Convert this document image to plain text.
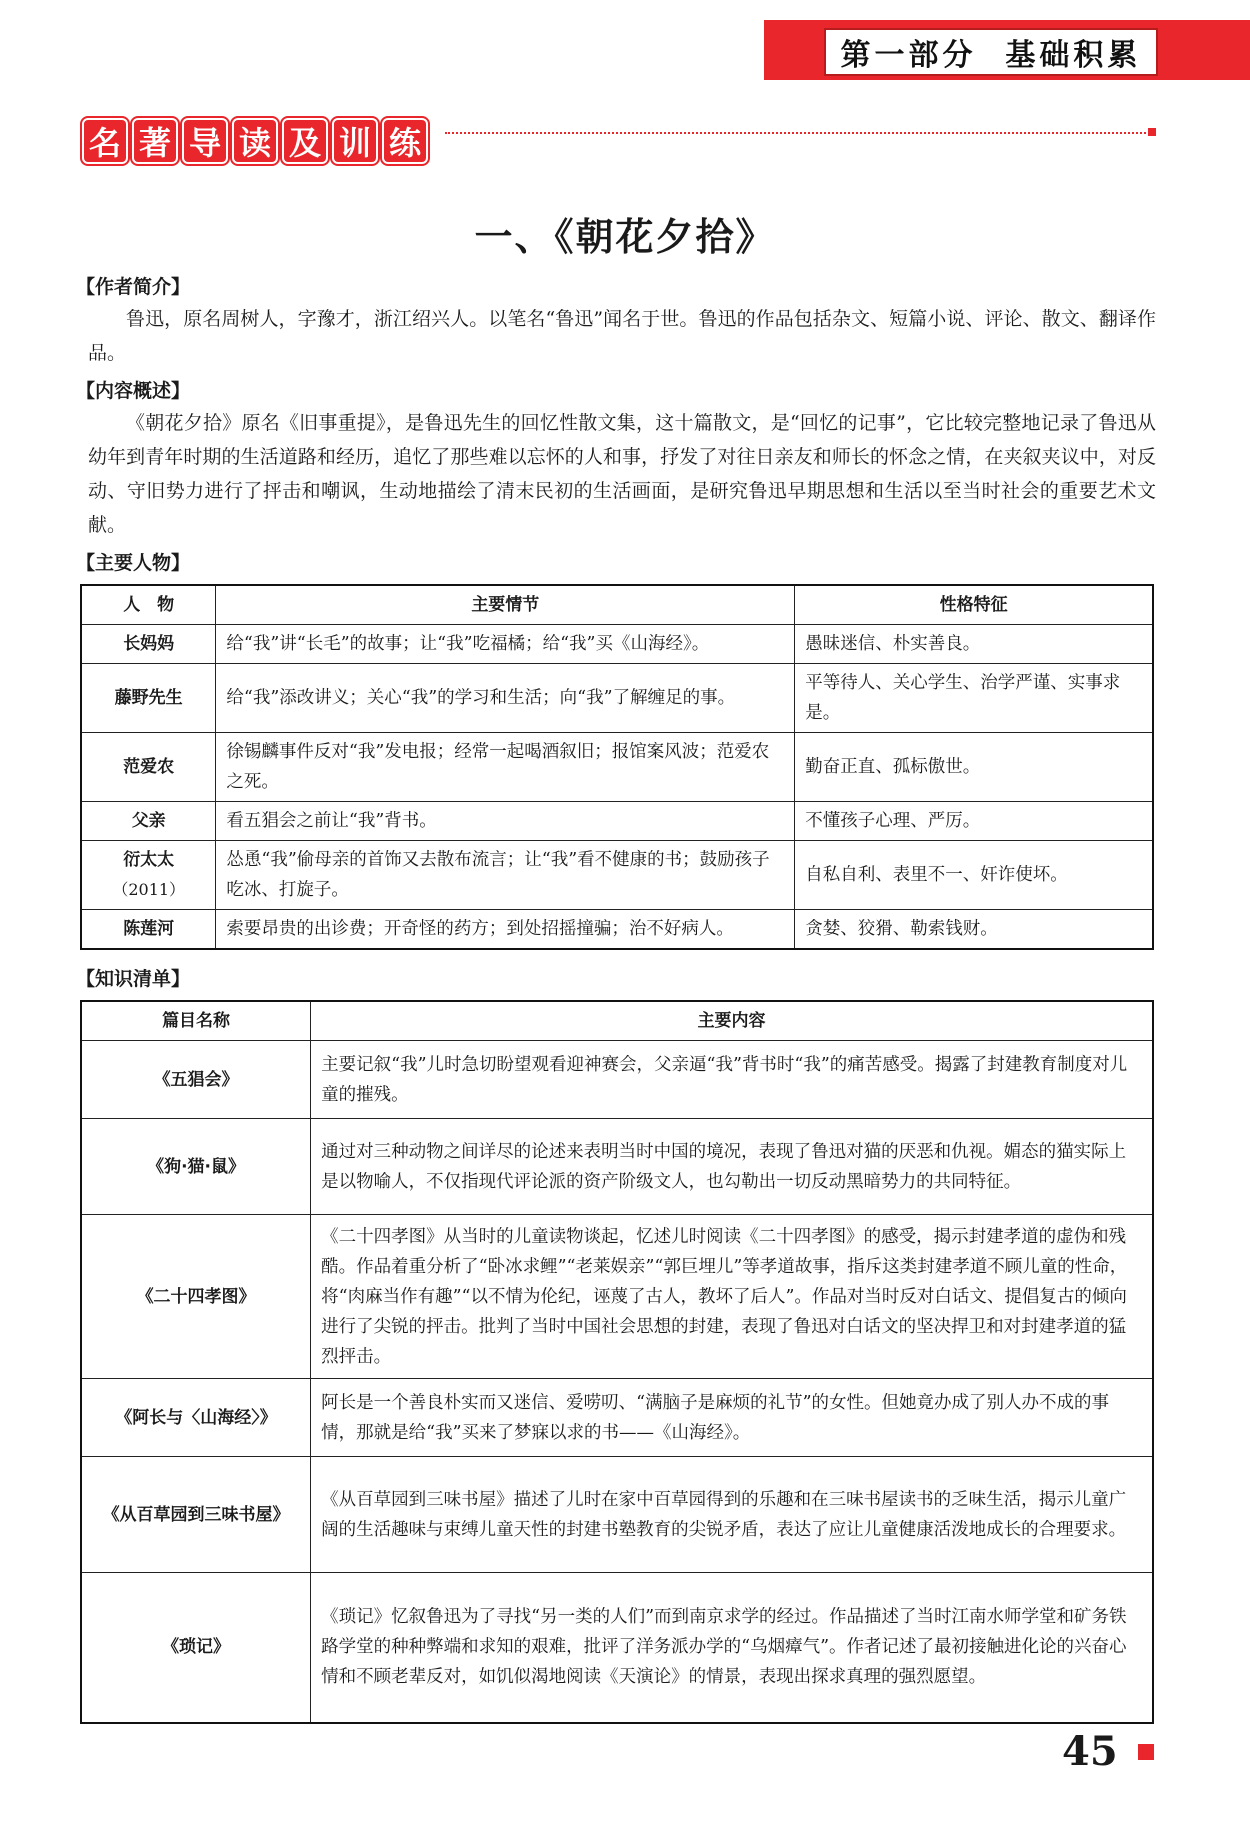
第一部分  基础积累
名 著 导 读 及 训 练
一、《朝花夕拾》
【作者简介】
鲁迅，原名周树人，字豫才，浙江绍兴人。以笔名“鲁迅”闻名于世。鲁迅的作品包括杂文、短篇小说、评论、散文、翻译作品。
【内容概述】
《朝花夕拾》原名《旧事重提》，是鲁迅先生的回忆性散文集，这十篇散文，是“回忆的记事”，它比较完整地记录了鲁迅从幼年到青年时期的生活道路和经历，追忆了那些难以忘怀的人和事，抒发了对往日亲友和师长的怀念之情，在夹叙夹议中，对反动、守旧势力进行了抨击和嘲讽，生动地描绘了清末民初的生活画面，是研究鲁迅早期思想和生活以至当时社会的重要艺术文献。
【主要人物】
人　物	主要情节	性格特征
长妈妈	给“我”讲“长毛”的故事；让“我”吃福橘；给“我”买《山海经》。	愚昧迷信、朴实善良。
藤野先生	给“我”添改讲义；关心“我”的学习和生活；向“我”了解缠足的事。	平等待人、关心学生、治学严谨、实事求是。
范爱农	徐锡麟事件反对“我”发电报；经常一起喝酒叙旧；报馆案风波；范爱农之死。	勤奋正直、孤标傲世。
父亲	看五猖会之前让“我”背书。	不懂孩子心理、严厉。
衍太太
（2011）	怂恿“我”偷母亲的首饰又去散布流言；让“我”看不健康的书；鼓励孩子吃冰、打旋子。	自私自利、表里不一、奸诈使坏。
陈莲河	索要昂贵的出诊费；开奇怪的药方；到处招摇撞骗；治不好病人。	贪婪、狡猾、勒索钱财。
【知识清单】
篇目名称	主要内容
《五猖会》	主要记叙“我”儿时急切盼望观看迎神赛会，父亲逼“我”背书时“我”的痛苦感受。揭露了封建教育制度对儿童的摧残。
《狗·猫·鼠》	通过对三种动物之间详尽的论述来表明当时中国的境况，表现了鲁迅对猫的厌恶和仇视。媚态的猫实际上是以物喻人，不仅指现代评论派的资产阶级文人，也勾勒出一切反动黑暗势力的共同特征。
《二十四孝图》	《二十四孝图》从当时的儿童读物谈起，忆述儿时阅读《二十四孝图》的感受，揭示封建孝道的虚伪和残酷。作品着重分析了“卧冰求鲤”“老莱娱亲”“郭巨埋儿”等孝道故事，指斥这类封建孝道不顾儿童的性命，将“肉麻当作有趣”“以不情为伦纪，诬蔑了古人，教坏了后人”。作品对当时反对白话文、提倡复古的倾向进行了尖锐的抨击。批判了当时中国社会思想的封建，表现了鲁迅对白话文的坚决捍卫和对封建孝道的猛烈抨击。
《阿长与〈山海经〉》	阿长是一个善良朴实而又迷信、爱唠叨、“满脑子是麻烦的礼节”的女性。但她竟办成了别人办不成的事情，那就是给“我”买来了梦寐以求的书——《山海经》。
《从百草园到三味书屋》	《从百草园到三味书屋》描述了儿时在家中百草园得到的乐趣和在三味书屋读书的乏味生活，揭示儿童广阔的生活趣味与束缚儿童天性的封建书塾教育的尖锐矛盾，表达了应让儿童健康活泼地成长的合理要求。
《琐记》	《琐记》忆叙鲁迅为了寻找“另一类的人们”而到南京求学的经过。作品描述了当时江南水师学堂和矿务铁路学堂的种种弊端和求知的艰难，批评了洋务派办学的“乌烟瘴气”。作者记述了最初接触进化论的兴奋心情和不顾老辈反对，如饥似渴地阅读《天演论》的情景，表现出探求真理的强烈愿望。
45
